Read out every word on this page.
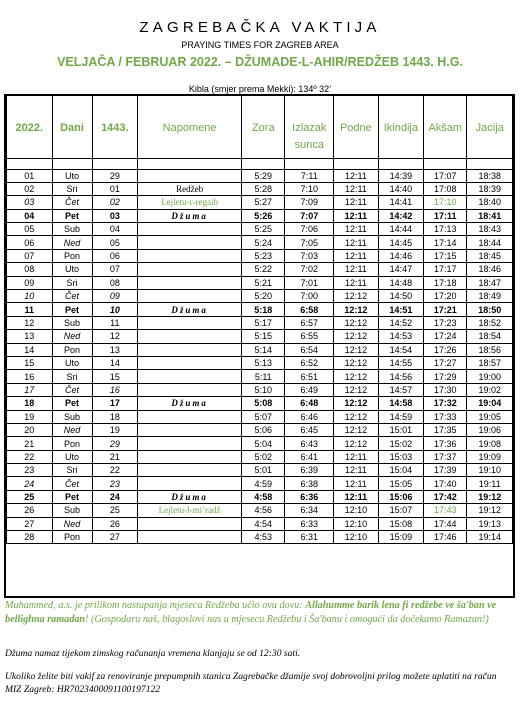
ZAGREBAČKA VAKTIJA
PRAYING TIMES FOR ZAGREB AREA
VELJAČA / FEBRUAR 2022. – DŽUMADE-L-AHIR/REDŽEB 1443. H.G.
Kibla (smjer prema Mekki): 134º 32’
2022.	Dani	1443.	Napomene	Zora	Izlazak sunca	Podne	Ikindija	Akšam	Jacija

01	Uto	29		5:29	7:11	12:11	14:39	17:07	18:38
02	Sri	01	Redžeb	5:28	7:10	12:11	14:40	17:08	18:39
03	Čet	02	Lejletu-r-regaib	5:27	7:09	12:11	14:41	17:10	18:40
04	Pet	03	Džuma	5:26	7:07	12:11	14:42	17:11	18:41
05	Sub	04		5:25	7:06	12:11	14:44	17:13	18:43
06	Ned	05		5:24	7:05	12:11	14:45	17:14	18:44
07	Pon	06		5:23	7:03	12:11	14:46	17:15	18:45
08	Uto	07		5:22	7:02	12:11	14:47	17:17	18:46
09	Sri	08		5:21	7:01	12:11	14:48	17:18	18:47
10	Čet	09		5:20	7:00	12:12	14:50	17:20	18:49
11	Pet	10	Džuma	5:18	6:58	12:12	14:51	17:21	18:50
12	Sub	11		5:17	6:57	12:12	14:52	17:23	18:52
13	Ned	12		5:15	6:55	12:12	14:53	17:24	18:54
14	Pon	13		5:14	6:54	12:12	14:54	17:26	18:56
15	Uto	14		5:13	6:52	12:12	14:55	17:27	18:57
16	Sri	15		5:11	6:51	12:12	14:56	17:29	19:00
17	Čet	16		5:10	6:49	12:12	14:57	17:30	19:02
18	Pet	17	Džuma	5:08	6:48	12:12	14:58	17:32	19:04
19	Sub	18		5:07	6:46	12:12	14:59	17:33	19:05
20	Ned	19		5:06	6:45	12:12	15:01	17:35	19:06
21	Pon	29		5:04	6:43	12:12	15:02	17:36	19:08
22	Uto	21		5:02	6:41	12:11	15:03	17:37	19:09
23	Sri	22		5:01	6:39	12:11	15:04	17:39	19:10
24	Čet	23		4:59	6:38	12:11	15:05	17:40	19:11
25	Pet	24	Džuma	4:58	6:36	12:11	15:06	17:42	19:12
26	Sub	25	Lejletu-l-mi’radž	4:56	6:34	12:10	15:07	17:43	19:12
27	Ned	26		4:54	6:33	12:10	15:08	17:44	19:13
28	Pon	27		4:53	6:31	12:10	15:09	17:46	19:14
Muhammed, a.s. je prilikom nastupanja mjeseca Redžeba učio ovu dovu: Allahumme barik lena fi redžebe ve ša'ban ve bellighna ramadan! (Gospodaru naš, blagoslovi nas u mjesecu Redžebu i Ša'banu i omogući da dočekamo Ramazan!)
Džuma namaz tijekom zimskog računanja vremena klanjaju se od 12:30 sati.
Ukoliko želite biti vakif za renoviranje prepumpnih stanica Zagrebačke džamije svoj dobrovoljni prilog možete uplatiti na račun MIZ Zagreb: HR7023400091100197122
